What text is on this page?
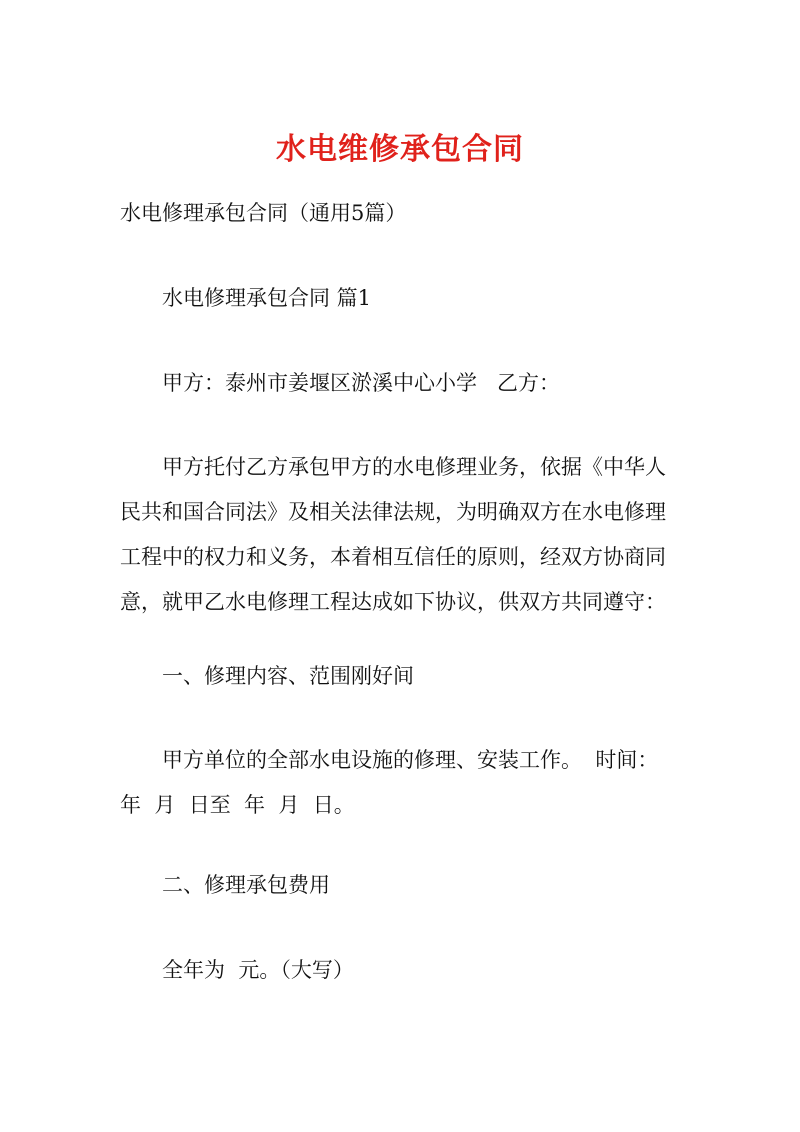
水电维修承包合同
水电修理承包合同（通用5篇）
水电修理承包合同 篇1
甲方：泰州市姜堰区淤溪中心小学   乙方：
甲方托付乙方承包甲方的水电修理业务，依据《中华人
民共和国合同法》及相关法律法规，为明确双方在水电修理
工程中的权力和义务，本着相互信任的原则，经双方协商同
意，就甲乙水电修理工程达成如下协议，供双方共同遵守：
一、修理内容、范围刚好间
甲方单位的全部水电设施的修理、安装工作。  时间：
年  月  日至  年  月  日。
二、修理承包费用
全年为  元。（大写）
